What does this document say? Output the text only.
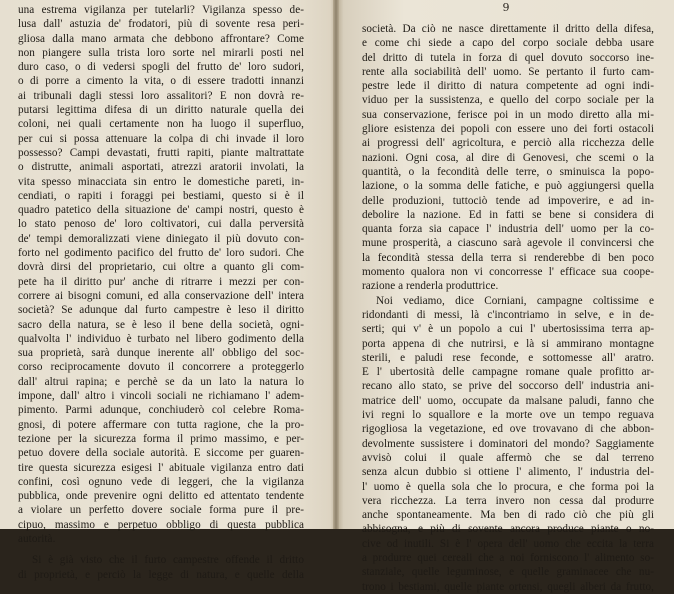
una estrema vigilanza per tutelarli? Vigilanza spesso de-
lusa dall' astuzia de' frodatori, più di sovente resa peri-
gliosa dalla mano armata che debbono affrontare? Come
non piangere sulla trista loro sorte nel mirarli posti nel
duro caso, o di vedersi spogli del frutto de' loro sudori,
o di porre a cimento la vita, o di essere tradotti innanzi
ai tribunali dagli stessi loro assalitori? E non dovrà re-
putarsi legittima difesa di un diritto naturale quella dei
coloni, nei quali certamente non ha luogo il superfluo,
per cui si possa attenuare la colpa di chi invade il loro
possesso? Campi devastati, frutti rapiti, piante maltrattate
o distrutte, animali asportati, atrezzi aratorii involati, la
vita spesso minacciata sin entro le domestiche pareti, in-
cendiati, o rapiti i foraggi pei bestiami, questo si è il
quadro patetico della situazione de' campi nostri, questo è
lo stato penoso de' loro coltivatori, cui dalla perversità
de' tempi demoralizzati viene diniegato il più dovuto con-
forto nel godimento pacifico del frutto de' loro sudori. Che
dovrà dirsi del proprietario, cui oltre a quanto gli com-
pete ha il diritto pur' anche di ritrarre i mezzi per con-
correre ai bisogni comuni, ed alla conservazione dell' intera
società? Se adunque dal furto campestre è leso il diritto
sacro della natura, se è leso il bene della società, ogni-
qualvolta l' individuo è turbato nel libero godimento della
sua proprietà, sarà dunque inerente all' obbligo del soc-
corso reciprocamente dovuto il concorrere a proteggerlo
dall' altrui rapina; e perchè se da un lato la natura lo
impone, dall' altro i vincoli sociali ne richiamano l' adem-
pimento. Parmi adunque, conchiuderò col celebre Roma-
gnosi, di potere affermare con tutta ragione, che la pro-
tezione per la sicurezza forma il primo massimo, e per-
petuo dovere della sociale autorità. E siccome per guaren-
tire questa sicurezza esigesi l' abituale vigilanza entro dati
confini, così ognuno vede di leggeri, che la vigilanza
pubblica, onde prevenire ogni delitto ed attentato tendente
a violare un perfetto dovere sociale forma pure il pre-
cipuo, massimo e perpetuo obbligo di questa pubblica
autorità.
Si è già visto che il furto campestre offende il dritto
di proprietà, e perciò la legge di natura, e quelle della
9
società. Da ciò ne nasce direttamente il dritto della difesa,
e come chi siede a capo del corpo sociale debba usare
del dritto di tutela in forza di quel dovuto soccorso ine-
rente alla sociabilità dell' uomo. Se pertanto il furto cam-
pestre lede il diritto di natura competente ad ogni indi-
viduo per la sussistenza, e quello del corpo sociale per la
sua conservazione, ferisce poi in un modo diretto alla mi-
gliore esistenza dei popoli con essere uno dei forti ostacoli
ai progressi dell' agricoltura, e perciò alla ricchezza delle
nazioni. Ogni cosa, al dire di Genovesi, che scemi o la
quantità, o la fecondità delle terre, o sminuisca la popo-
lazione, o la somma delle fatiche, e può aggiungersi quella
delle produzioni, tuttociò tende ad impoverire, e ad in-
debolire la nazione. Ed in fatti se bene si considera di
quanta forza sia capace l' industria dell' uomo per la co-
mune prosperità, a ciascuno sarà agevole il convincersi che
la fecondità stessa della terra si renderebbe di ben poco
momento qualora non vi concorresse l' efficace sua coope-
razione a renderla produttrice.
Noi vediamo, dice Corniani, campagne coltissime e
ridondanti di messi, là c'incontriamo in selve, e in de-
serti; qui v' è un popolo a cui l' ubertosissima terra ap-
porta appena di che nutrirsi, e là si ammirano montagne
sterili, e paludi rese feconde, e sottomesse all' aratro.
E l' ubertosità delle campagne romane quale profitto ar-
recano allo stato, se prive del soccorso dell' industria ani-
matrice dell' uomo, occupate da malsane paludi, fanno che
ivi regni lo squallore e la morte ove un tempo reguava
rigogliosa la vegetazione, ed ove trovavano di che abbon-
devolmente sussistere i dominatori del mondo? Saggiamente
avvisò colui il quale affermò che se dal terreno
senza alcun dubbio si ottiene l' alimento, l' industria del-
l' uomo è quella sola che lo procura, e che forma poi la
vera ricchezza. La terra invero non cessa dal produrre
anche spontaneamente. Ma ben di rado ciò che più gli
abbisogna, e più di sovente ancora produce piante o no-
cive od inutili. Si è l' opera dell' uomo che eccita la terra
a produrre quei cereali che a noi forniscono l' alimento so-
stanziale, quelle leguminose, e quelle graminacee che nu-
trono i bestiami, quelle piante ortensi, quegli alberi da frutto,
